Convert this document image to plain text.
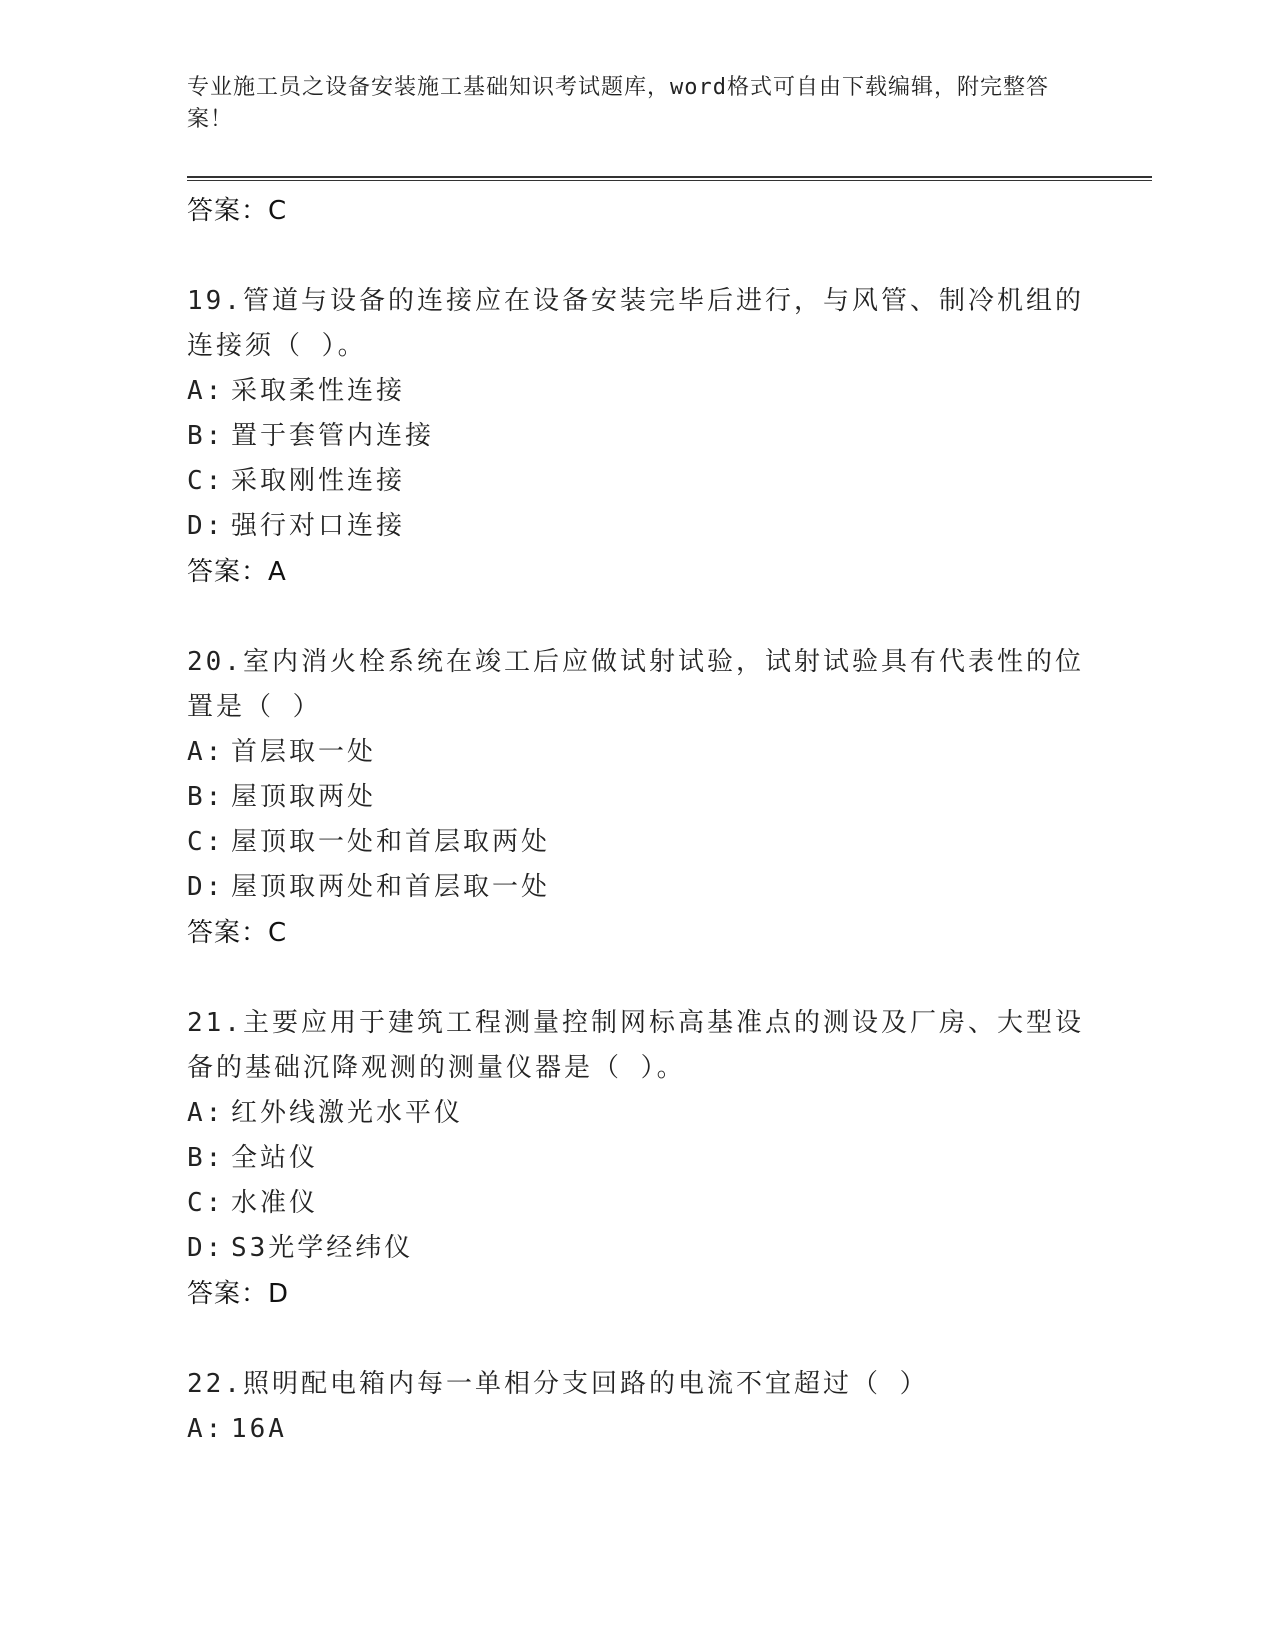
专业施工员之设备安装施工基础知识考试题库，word格式可自由下载编辑，附完整答案！
答案：C
19.管道与设备的连接应在设备安装完毕后进行，与风管、制冷机组的连接须（ ）。
A: 采取柔性连接
B: 置于套管内连接
C: 采取刚性连接
D: 强行对口连接
答案：A
20.室内消火栓系统在竣工后应做试射试验，试射试验具有代表性的位置是（ ）
A: 首层取一处
B: 屋顶取两处
C: 屋顶取一处和首层取两处
D: 屋顶取两处和首层取一处
答案：C
21.主要应用于建筑工程测量控制网标高基准点的测设及厂房、大型设备的基础沉降观测的测量仪器是（ ）。
A: 红外线激光水平仪
B: 全站仪
C: 水准仪
D: S3光学经纬仪
答案：D
22.照明配电箱内每一单相分支回路的电流不宜超过（ ）
A: 16A
